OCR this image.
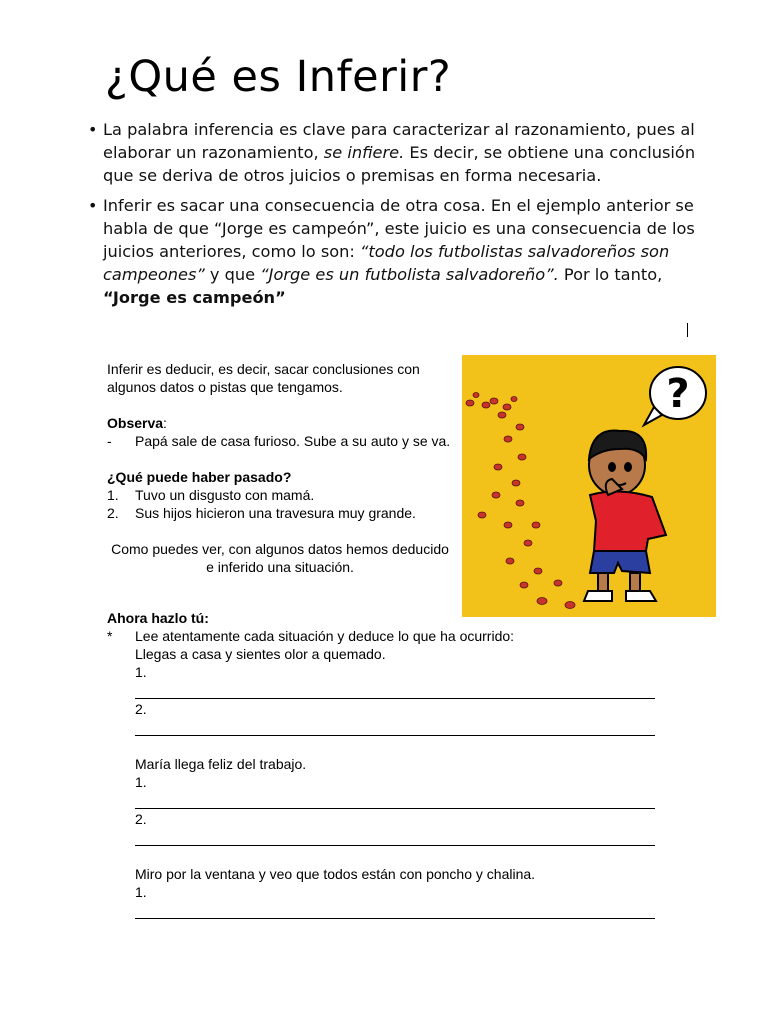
¿Qué es Inferir?
• La palabra inferencia es clave para caracterizar al razonamiento, pues al elaborar un razonamiento, se infiere. Es decir, se obtiene una conclusión que se deriva de otros juicios o premisas en forma necesaria.
• Inferir es sacar una consecuencia de otra cosa. En el ejemplo anterior se habla de que “Jorge es campeón”, este juicio es una consecuencia de los juicios anteriores, como lo son: “todo los futbolistas salvadoreños son campeones” y que “Jorge es un futbolista salvadoreño”. Por lo tanto, “Jorge es campeón”

Inferir es deducir, es decir, sacar conclusiones con algunos datos o pistas que tengamos.

Observa:

- Papá sale de casa furioso. Sube a su auto y se va.

¿Qué puede haber pasado?

1.	Tuvo un disgusto con mamá.
2.	Sus hijos hicieron una travesura muy grande.

Como puedes ver, con algunos datos hemos deducido e inferido una situación.

Ahora hazlo tú:

*	Lee atentamente cada situación y deduce lo que ha ocurrido:

Llegas a casa y sientes olor a quemado.

1.

2.

María llega feliz del trabajo.

1.

2.

Miro por la ventana y veo que todos están con poncho y chalina.

1.

?
